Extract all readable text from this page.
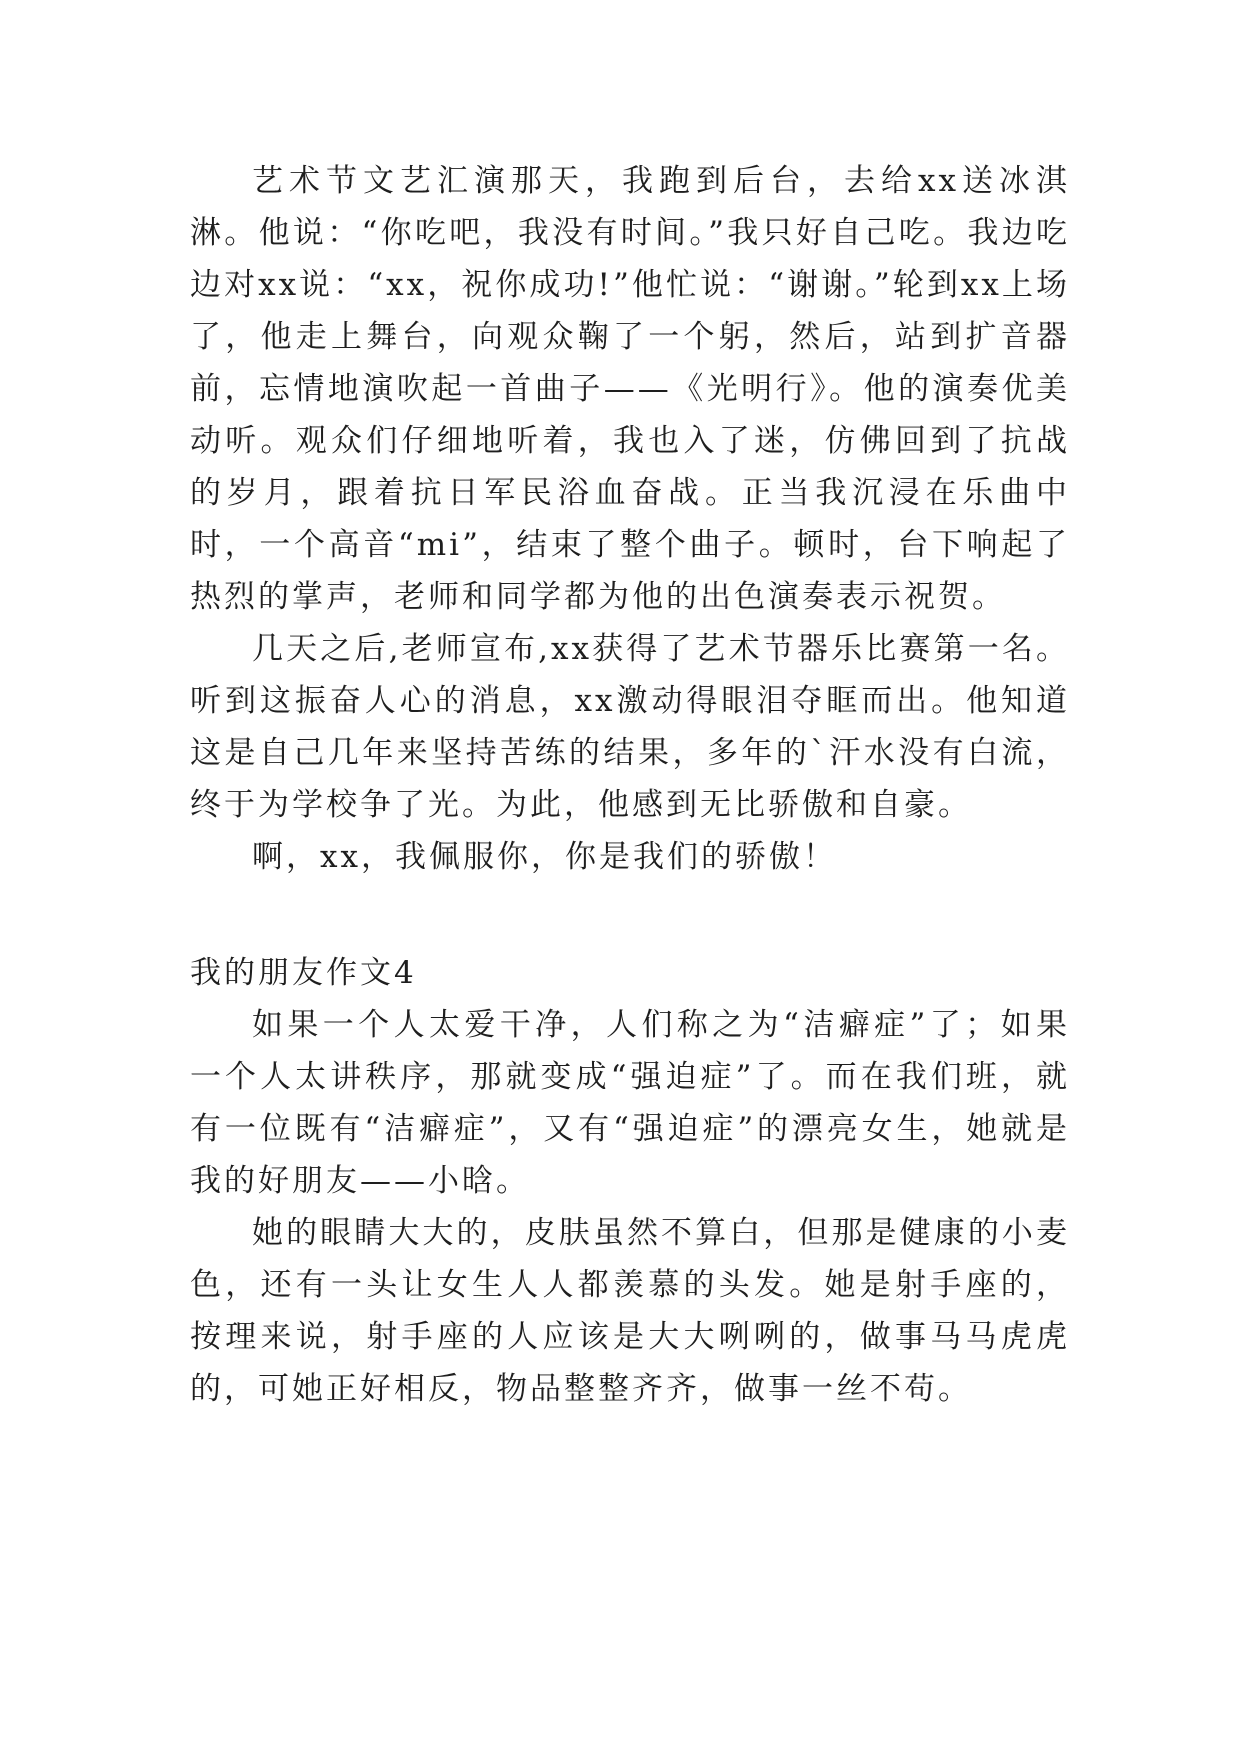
艺术节文艺汇演那天，我跑到后台，去给xx送冰淇淋。他说：“你吃吧，我没有时间。”我只好自己吃。我边吃边对xx说：“xx，祝你成功!”他忙说：“谢谢。”轮到xx上场了，他走上舞台，向观众鞠了一个躬，然后，站到扩音器前，忘情地演吹起一首曲子——《光明行》。他的演奏优美动听。观众们仔细地听着，我也入了迷，仿佛回到了抗战的岁月，跟着抗日军民浴血奋战。正当我沉浸在乐曲中时，一个高音“mi”，结束了整个曲子。顿时，台下响起了热烈的掌声，老师和同学都为他的出色演奏表示祝贺。

几天之后,老师宣布,xx获得了艺术节器乐比赛第一名。听到这振奋人心的消息，xx激动得眼泪夺眶而出。他知道这是自己几年来坚持苦练的结果，多年的`汗水没有白流，终于为学校争了光。为此，他感到无比骄傲和自豪。

啊，xx，我佩服你，你是我们的骄傲！

我的朋友作文4

如果一个人太爱干净，人们称之为“洁癖症”了；如果一个人太讲秩序，那就变成“强迫症”了。而在我们班，就有一位既有“洁癖症”，又有“强迫症”的漂亮女生，她就是我的好朋友——小晗。

她的眼睛大大的，皮肤虽然不算白，但那是健康的小麦色，还有一头让女生人人都羡慕的头发。她是射手座的，按理来说，射手座的人应该是大大咧咧的，做事马马虎虎的，可她正好相反，物品整整齐齐，做事一丝不苟。
